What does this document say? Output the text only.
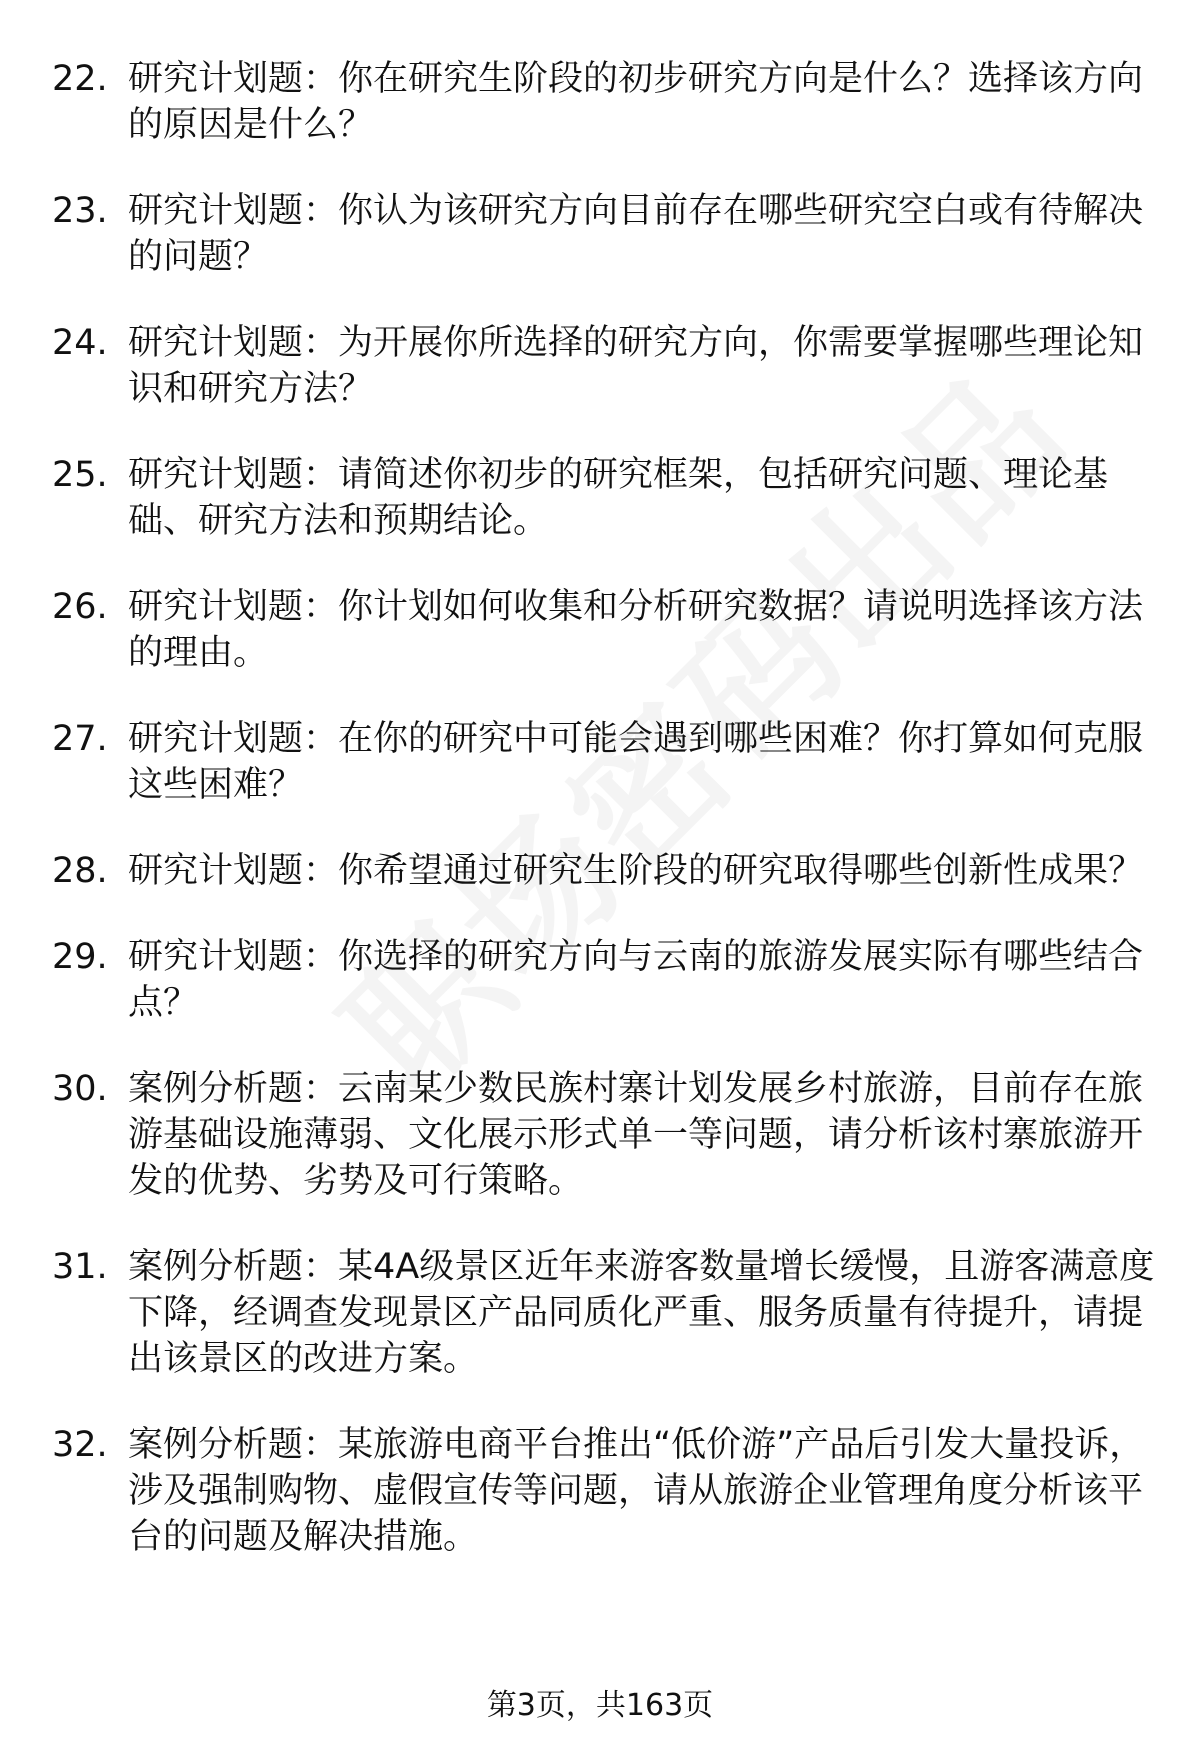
22. 研究计划题：你在研究生阶段的初步研究方向是什么？选择该方向的原因是什么？
23. 研究计划题：你认为该研究方向目前存在哪些研究空白或有待解决的问题？
24. 研究计划题：为开展你所选择的研究方向，你需要掌握哪些理论知识和研究方法？
25. 研究计划题：请简述你初步的研究框架，包括研究问题、理论基础、研究方法和预期结论。
26. 研究计划题：你计划如何收集和分析研究数据？请说明选择该方法的理由。
27. 研究计划题：在你的研究中可能会遇到哪些困难？你打算如何克服这些困难？
28. 研究计划题：你希望通过研究生阶段的研究取得哪些创新性成果？
29. 研究计划题：你选择的研究方向与云南的旅游发展实际有哪些结合点？
30. 案例分析题：云南某少数民族村寨计划发展乡村旅游，目前存在旅游基础设施薄弱、文化展示形式单一等问题，请分析该村寨旅游开发的优势、劣势及可行策略。
31. 案例分析题：某4A级景区近年来游客数量增长缓慢，且游客满意度下降，经调查发现景区产品同质化严重、服务质量有待提升，请提出该景区的改进方案。
32. 案例分析题：某旅游电商平台推出“低价游”产品后引发大量投诉，涉及强制购物、虚假宣传等问题，请从旅游企业管理角度分析该平台的问题及解决措施。
第3页，共163页
